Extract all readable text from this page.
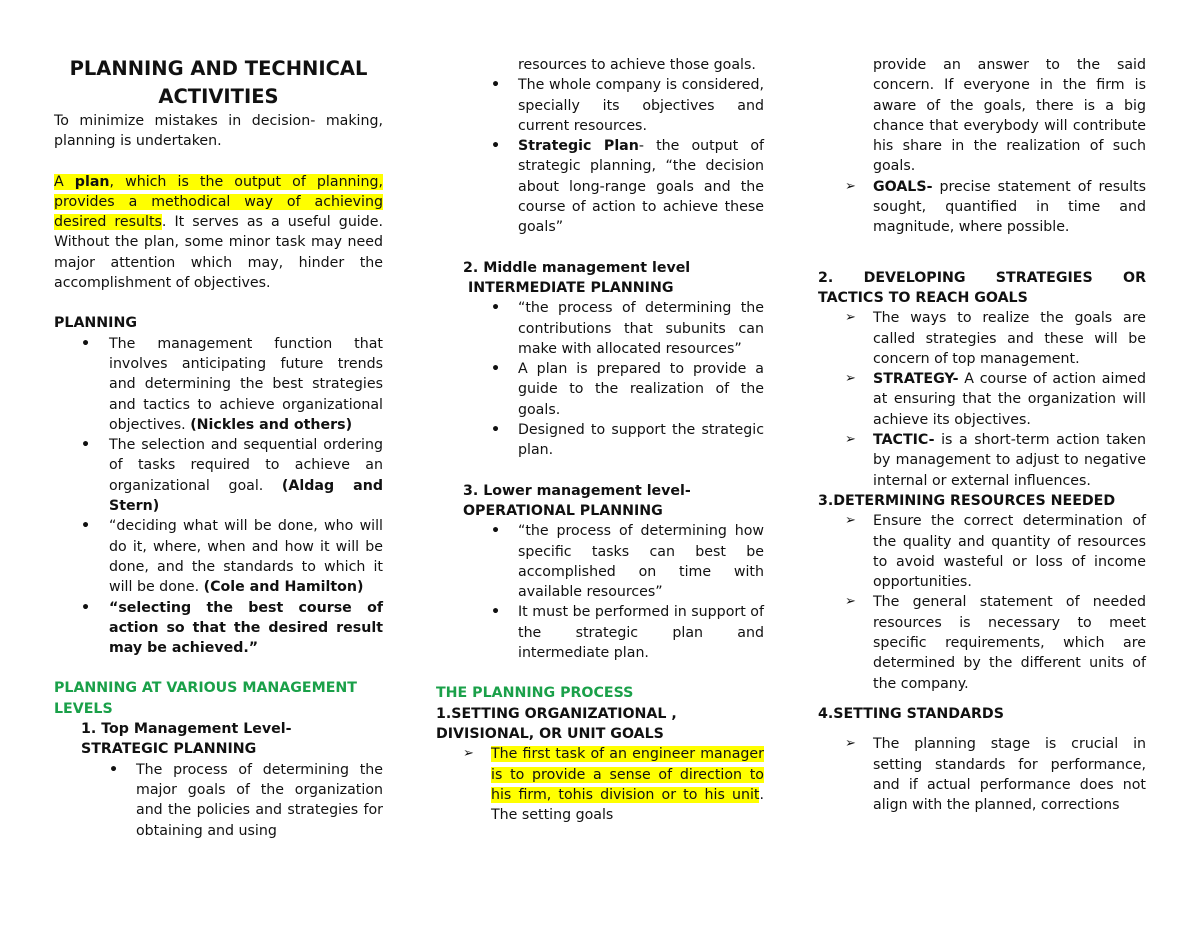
PLANNING AND TECHNICAL ACTIVITIES

To minimize mistakes in decision- making, planning is undertaken.

A plan, which is the output of planning, provides a methodical way of achieving desired results. It serves as a useful guide. Without the plan, some minor task may need major attention which may, hinder the accomplishment of objectives.

PLANNING

• The management function that involves anticipating future trends and determining the best strategies and tactics to achieve organizational objectives. (Nickles and others)
• The selection and sequential ordering of tasks required to achieve an organizational goal. (Aldag and Stern)
• “deciding what will be done, who will do it, where, when and how it will be done, and the standards to which it will be done. (Cole and Hamilton)
• “selecting the best course of action so that the desired result may be achieved.”

PLANNING AT VARIOUS MANAGEMENT LEVELS

1. Top Management Level-

STRATEGIC PLANNING

• The process of determining the major goals of the organization and the policies and strategies for obtaining and using
resources to achieve those goals.
• The whole company is considered, specially its objectives and current resources.
• Strategic Plan- the output of strategic planning, “the decision about long-range goals and the course of action to achieve these goals”

2. Middle management level

INTERMEDIATE PLANNING

• “the process of determining the contributions that subunits can make with allocated resources”
• A plan is prepared to provide a guide to the realization of the goals.
• Designed to support the strategic plan.

3. Lower management level-

OPERATIONAL PLANNING

• “the process of determining how specific tasks can best be accomplished on time with available resources”
• It must be performed in support of the strategic plan and intermediate plan.

THE PLANNING PROCESS

1.SETTING ORGANIZATIONAL ,

DIVISIONAL, OR UNIT GOALS

➢ The first task of an engineer manager is to provide a sense of direction to his firm, tohis division or to his unit. The setting goals
provide an answer to the said concern. If everyone in the firm is aware of the goals, there is a big chance that everybody will contribute his share in the realization of such goals.
➢ GOALS- precise statement of results sought, quantified in time and magnitude, where possible.

2. DEVELOPING STRATEGIES OR

TACTICS TO REACH GOALS

➢ The ways to realize the goals are called strategies and these will be concern of top management.
➢ STRATEGY- A course of action aimed at ensuring that the organization will achieve its objectives.
➢ TACTIC- is a short-term action taken by management to adjust to negative internal or external influences.

3.DETERMINING RESOURCES NEEDED

➢ Ensure the correct determination of the quality and quantity of resources to avoid wasteful or loss of income opportunities.
➢ The general statement of needed resources is necessary to meet specific requirements, which are determined by the different units of the company.

4.SETTING STANDARDS

➢ The planning stage is crucial in setting standards for performance, and if actual performance does not align with the planned, corrections
